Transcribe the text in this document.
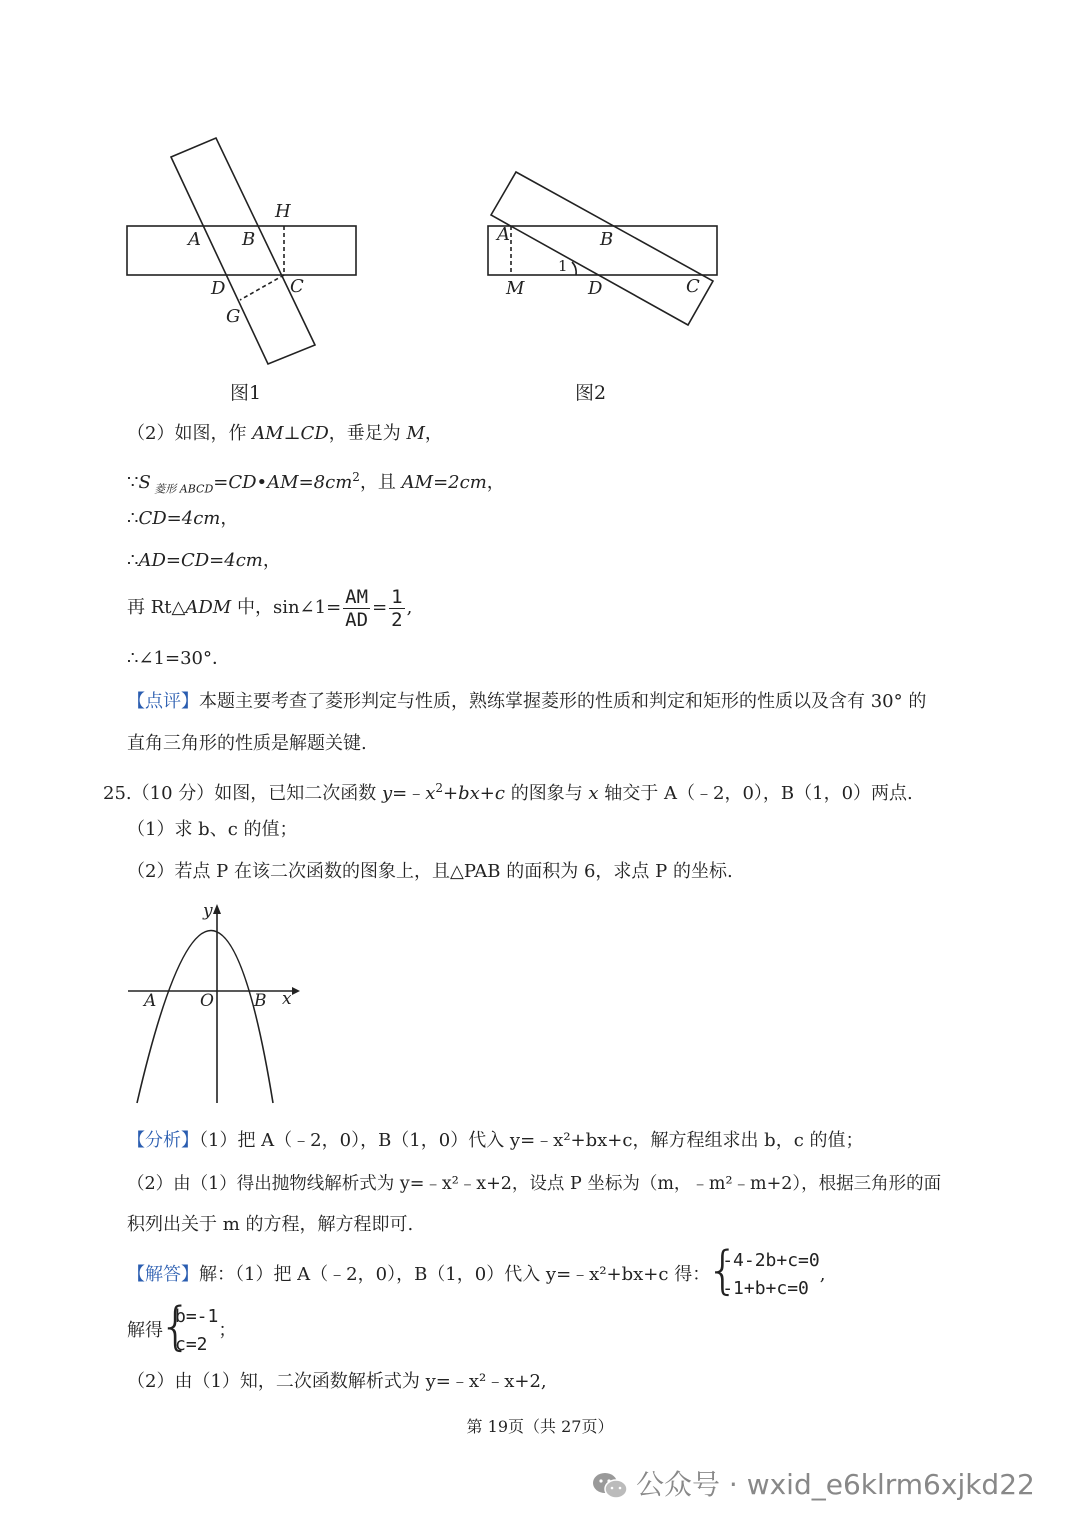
A B
H
D	C
G
A	B
M	D	C
1
图1	图2
（2）如图，作 AM⊥CD，垂足为 M，
∵S $_{菱形 ABCD}=CD•AM=8cm^2$，且 AM=2cm，
∴CD=4cm，
∴AD=CD=4cm，
再 Rt△ADM 中，sin∠1= $\frac{AM}{AD} = \frac{1}{2}$ ,
∴∠1=30°．
【点评】本题主要考查了菱形判定与性质，熟练掌握菱形的性质和判定和矩形的性质以及含有 30° 的
直角三角形的性质是解题关键.
25.（10 分）如图，已知二次函数 $y=﹣x^2+bx+c$ 的图象与 x 轴交于 A（﹣2，0），B（1，0）两点.
（1）求 b、c 的值；
（2）若点 P 在该二次函数的图象上，且△PAB 的面积为 6，求点 P 的坐标.
y
x
A	O B
【分析】（1）把 A（﹣2，0），B（1，0）代入 y=﹣x²+bx+c，解方程组求出 b，c 的值；
（2）由（1）得出抛物线解析式为 y=﹣x²﹣x+2，设点 P 坐标为（m，﹣m²﹣m+2），根据三角形的面
积列出关于 m 的方程，解方程即可.
【解答】解：（1）把 A（﹣2，0），B（1，0）代入 y=﹣x²+bx+c 得：
{ -4-2b+c=0
-1+b+c=0
,
解得
{ b=-1
c=2
；
（2）由（1）知，二次函数解析式为 y=﹣x²﹣x+2,
第 19页（共 27页）
公众号 · wxid_e6klrm6xjkd22
